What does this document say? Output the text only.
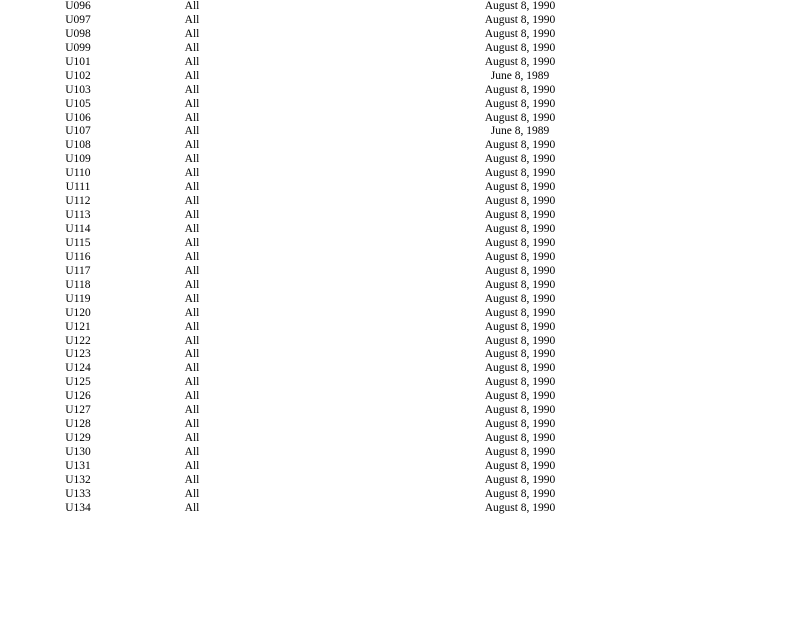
U096	All	August 8, 1990
U097	All	August 8, 1990
U098	All	August 8, 1990
U099	All	August 8, 1990
U101	All	August 8, 1990
U102	All	June 8, 1989
U103	All	August 8, 1990
U105	All	August 8, 1990
U106	All	August 8, 1990
U107	All	June 8, 1989
U108	All	August 8, 1990
U109	All	August 8, 1990
U110	All	August 8, 1990
U111	All	August 8, 1990
U112	All	August 8, 1990
U113	All	August 8, 1990
U114	All	August 8, 1990
U115	All	August 8, 1990
U116	All	August 8, 1990
U117	All	August 8, 1990
U118	All	August 8, 1990
U119	All	August 8, 1990
U120	All	August 8, 1990
U121	All	August 8, 1990
U122	All	August 8, 1990
U123	All	August 8, 1990
U124	All	August 8, 1990
U125	All	August 8, 1990
U126	All	August 8, 1990
U127	All	August 8, 1990
U128	All	August 8, 1990
U129	All	August 8, 1990
U130	All	August 8, 1990
U131	All	August 8, 1990
U132	All	August 8, 1990
U133	All	August 8, 1990
U134	All	August 8, 1990
